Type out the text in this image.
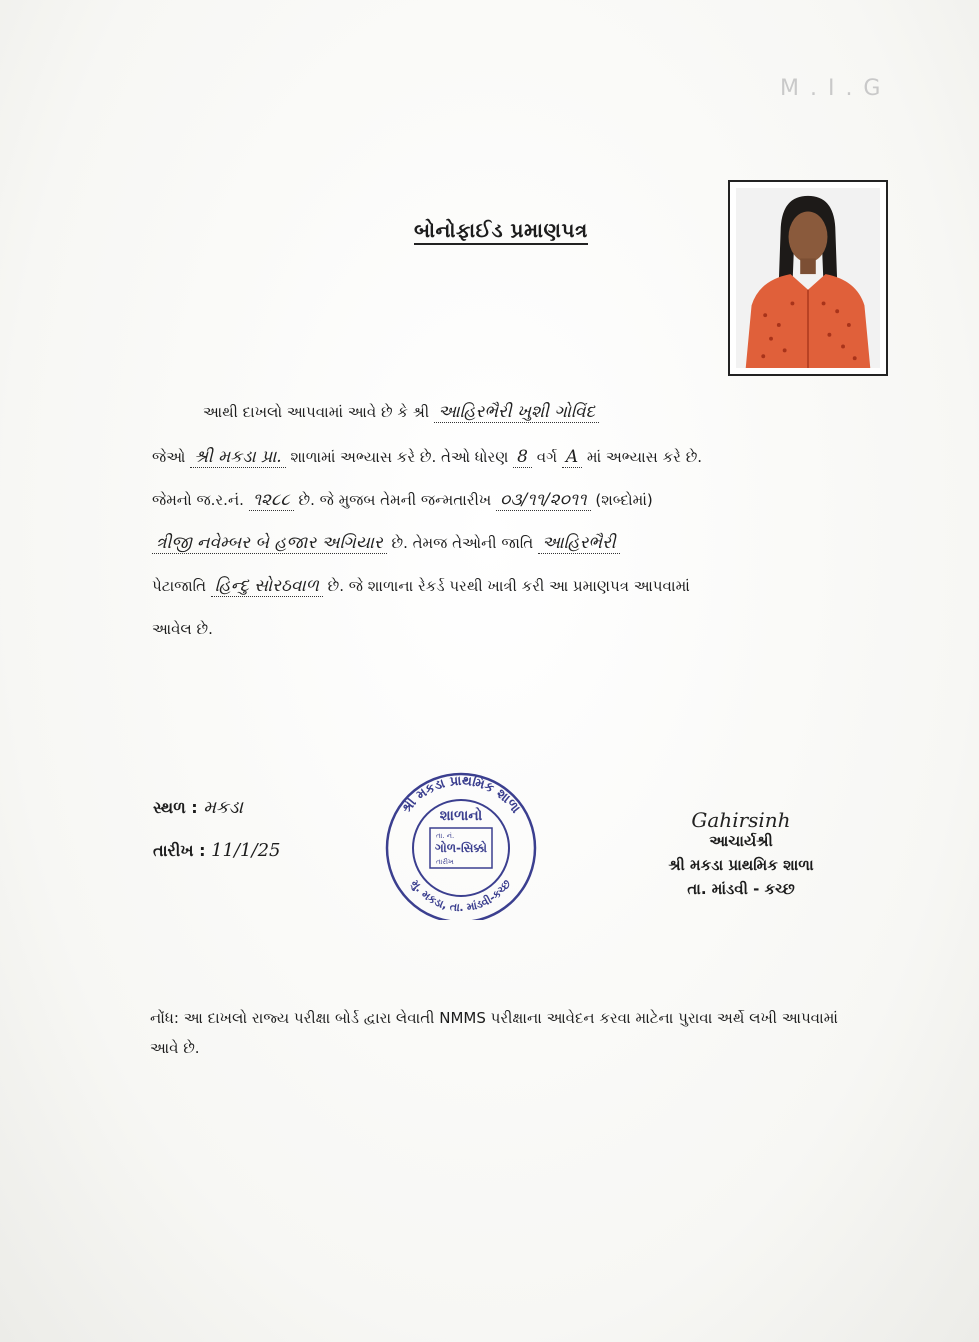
M . I . G
બોનોફાઈડ પ્રમાણપત્ર
આથી દાખલો આપવામાં આવે છે કે શ્રી આહિરભૈરી ખુશી ગોવિંદ
જેઓ શ્રી મકડા પ્રા. શાળામાં અભ્યાસ કરે છે. તેઓ ધોરણ 8 વર્ગ A માં અભ્યાસ કરે છે.
જેમનો જ.ર.નં. ૧૨૮૮ છે. જે મુજબ તેમની જન્મતારીખ ૦૩/૧૧/૨૦૧૧ (શબ્દોમાં)
ત્રીજી નવેમ્બર બે હજાર અગિયાર છે. તેમજ તેઓની જાતિ આહિરભૈરી
પેટાજાતિ હિન્દુ સોરઠવાળ છે. જે શાળાના રેકર્ડ પરથી ખાત્રી કરી આ પ્રમાણપત્ર આપવામાં
આવેલ છે.
સ્થળ : મકડા
તારીખ : 11/1/25
શ્રી મકડા પ્રાથમિક શાળા
મુ. મકડા, તા. માંડવી-કચ્છ
શાળાનો
તા. નં.
ગોળ-સિક્કો
તારીખ
Gahirsinh
આચાર્યશ્રી
શ્રી મકડા પ્રાથમિક શાળા
તા. માંડવી - કચ્છ
નોંધ: આ દાખલો રાજ્ય પરીક્ષા બોર્ડ દ્વારા લેવાતી NMMS પરીક્ષાના આવેદન કરવા માટેના પુરાવા અર્થે લખી આપવામાં આવે છે.
